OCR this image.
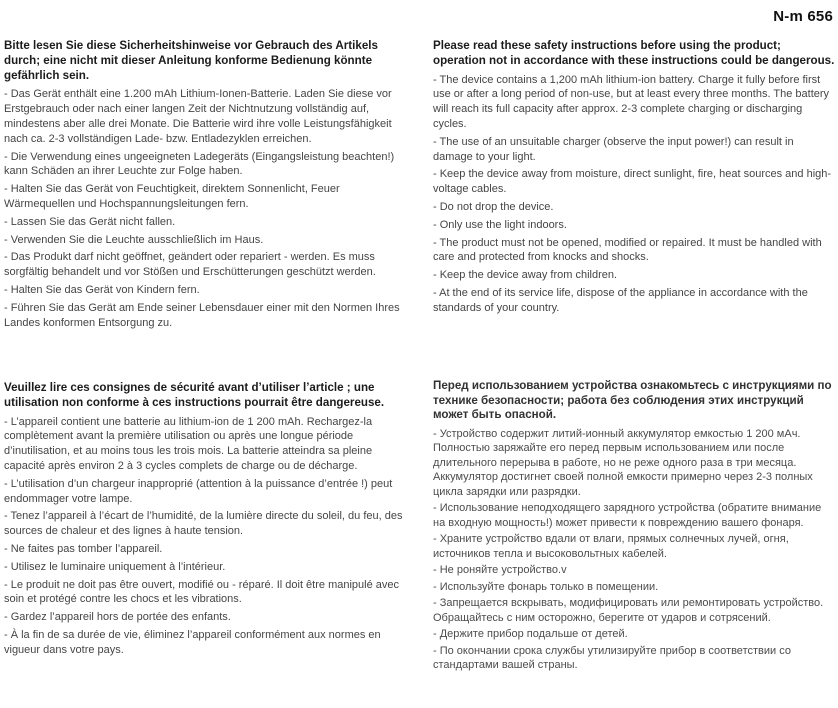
N-m 656
Bitte lesen Sie diese Sicherheitshinweise vor Gebrauch des Artikels durch; eine nicht mit dieser Anleitung konforme Bedienung könnte gefährlich sein.

- Das Gerät enthält eine 1.200 mAh Lithium-Ionen-Batterie. Laden Sie diese vor Erstgebrauch oder nach einer langen Zeit der Nichtnutzung vollständig auf, mindestens aber alle drei Monate. Die Batterie wird ihre volle Leistungsfähigkeit nach ca. 2-3 vollständigen Lade- bzw. Entladezyklen erreichen.

- Die Verwendung eines ungeeigneten Ladegeräts (Eingangsleistung beachten!) kann Schäden an ihrer Leuchte zur Folge haben.

- Halten Sie das Gerät von Feuchtigkeit, direktem Sonnenlicht, Feuer Wärmequellen und Hochspannungsleitungen fern.

- Lassen Sie das Gerät nicht fallen.

- Verwenden Sie die Leuchte ausschließlich im Haus.

- Das Produkt darf nicht geöffnet, geändert oder repariert - werden. Es muss sorgfältig behandelt und vor Stößen und Erschütterungen geschützt werden.

- Halten Sie das Gerät von Kindern fern.

- Führen Sie das Gerät am Ende seiner Lebensdauer einer mit den Normen Ihres Landes konformen Entsorgung zu.

Please read these safety instructions before using the product; operation not in accordance with these instructions could be dangerous.

- The device contains a 1,200 mAh lithium-ion battery. Charge it fully before first use or after a long period of non-use, but at least every three months. The battery will reach its full capacity after approx. 2-3 complete charging or discharging cycles.

- The use of an unsuitable charger (observe the input power!) can result in damage to your light.

- Keep the device away from moisture, direct sunlight, fire, heat sources and high-voltage cables.

- Do not drop the device.

- Only use the light indoors.

- The product must not be opened, modified or repaired. It must be handled with care and protected from knocks and shocks.

- Keep the device away from children.

- At the end of its service life, dispose of the appliance in accordance with the standards of your country.

Veuillez lire ces consignes de sécurité avant d’utiliser l’article ; une utilisation non conforme à ces instructions pourrait être dangereuse.

- L’appareil contient une batterie au lithium-ion de 1 200 mAh. Rechargez-la complètement avant la première utilisation ou après une longue période d’inutilisation, et au moins tous les trois mois. La batterie atteindra sa pleine capacité après environ 2 à 3 cycles complets de charge ou de décharge.

- L’utilisation d’un chargeur inapproprié (attention à la puissance d’entrée !) peut endommager votre lampe.

- Tenez l’appareil à l’écart de l’humidité, de la lumière directe du soleil, du feu, des sources de chaleur et des lignes à haute tension.

- Ne faites pas tomber l’appareil.

- Utilisez le luminaire uniquement à l’intérieur.

- Le produit ne doit pas être ouvert, modifié ou - réparé. Il doit être manipulé avec soin et protégé contre les chocs et les vibrations.

- Gardez l’appareil hors de portée des enfants.

- À la fin de sa durée de vie, éliminez l’appareil conformément aux normes en vigueur dans votre pays.

Перед использованием устройства ознакомьтесь с инструкциями по технике безопасности; работа без соблюдения этих инструкций может быть опасной.

- Устройство содержит литий-ионный аккумулятор емкостью 1 200 мАч. Полностью заряжайте его перед первым использованием или после длительного перерыва в работе, но не реже одного раза в три месяца. Аккумулятор достигнет своей полной емкости примерно через 2-3 полных цикла зарядки или разрядки.

- Использование неподходящего зарядного устройства (обратите внимание на входную мощность!) может привести к повреждению вашего фонаря.

- Храните устройство вдали от влаги, прямых солнечных лучей, огня, источников тепла и высоковольтных кабелей.

- Не роняйте устройство.v

- Используйте фонарь только в помещении.

- Запрещается вскрывать, модифицировать или ремонтировать устройство. Обращайтесь с ним осторожно, берегите от ударов и сотрясений.

- Держите прибор подальше от детей.

- По окончании срока службы утилизируйте прибор в соответствии со стандартами вашей страны.
